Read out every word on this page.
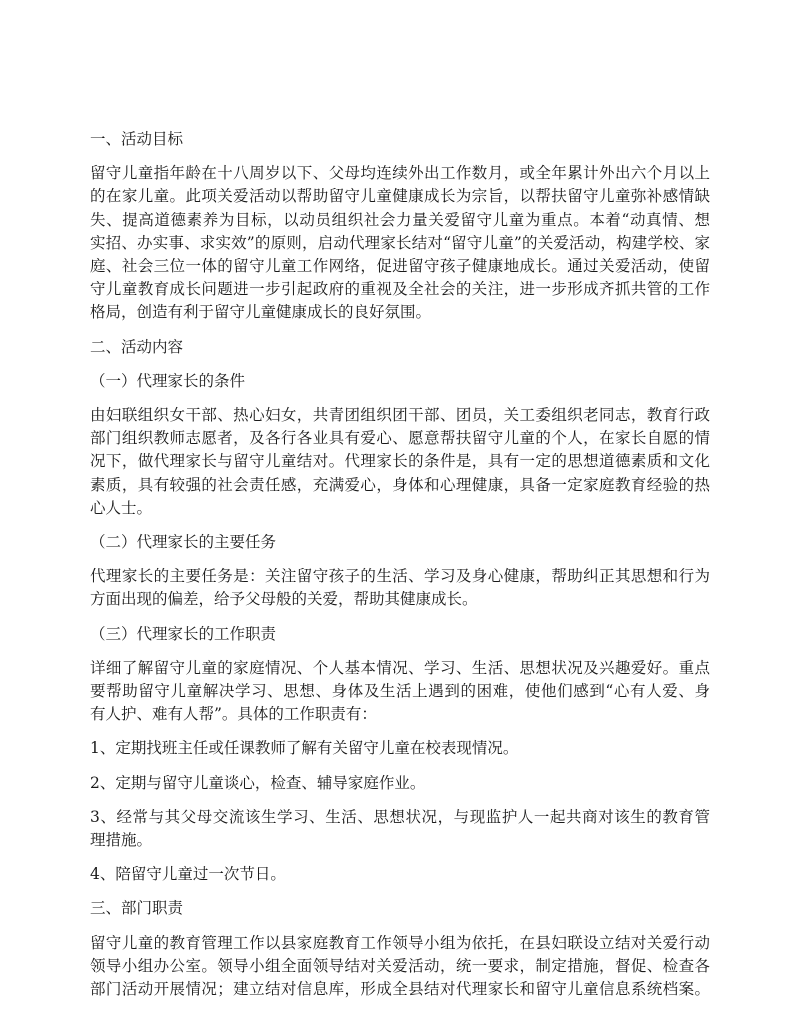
一、活动目标
留守儿童指年龄在十八周岁以下、父母均连续外出工作数月，或全年累计外出六个月以上
的在家儿童。此项关爱活动以帮助留守儿童健康成长为宗旨，以帮扶留守儿童弥补感情缺
失、提高道德素养为目标，以动员组织社会力量关爱留守儿童为重点。本着“动真情、想
实招、办实事、求实效”的原则，启动代理家长结对“留守儿童”的关爱活动，构建学校、家
庭、社会三位一体的留守儿童工作网络，促进留守孩子健康地成长。通过关爱活动，使留
守儿童教育成长问题进一步引起政府的重视及全社会的关注，进一步形成齐抓共管的工作
格局，创造有利于留守儿童健康成长的良好氛围。
二、活动内容
（一）代理家长的条件
由妇联组织女干部、热心妇女，共青团组织团干部、团员，关工委组织老同志，教育行政
部门组织教师志愿者，及各行各业具有爱心、愿意帮扶留守儿童的个人，在家长自愿的情
况下，做代理家长与留守儿童结对。代理家长的条件是，具有一定的思想道德素质和文化
素质，具有较强的社会责任感，充满爱心，身体和心理健康，具备一定家庭教育经验的热
心人士。
（二）代理家长的主要任务
代理家长的主要任务是：关注留守孩子的生活、学习及身心健康，帮助纠正其思想和行为
方面出现的偏差，给予父母般的关爱，帮助其健康成长。
（三）代理家长的工作职责
详细了解留守儿童的家庭情况、个人基本情况、学习、生活、思想状况及兴趣爱好。重点
要帮助留守儿童解决学习、思想、身体及生活上遇到的困难，使他们感到“心有人爱、身
有人护、难有人帮”。具体的工作职责有：
1、定期找班主任或任课教师了解有关留守儿童在校表现情况。
2、定期与留守儿童谈心，检查、辅导家庭作业。
3、经常与其父母交流该生学习、生活、思想状况，与现监护人一起共商对该生的教育管
理措施。
4、陪留守儿童过一次节日。
三、部门职责
留守儿童的教育管理工作以县家庭教育工作领导小组为依托，在县妇联设立结对关爱行动
领导小组办公室。领导小组全面领导结对关爱活动，统一要求，制定措施，督促、检查各
部门活动开展情况；建立结对信息库，形成全县结对代理家长和留守儿童信息系统档案。
